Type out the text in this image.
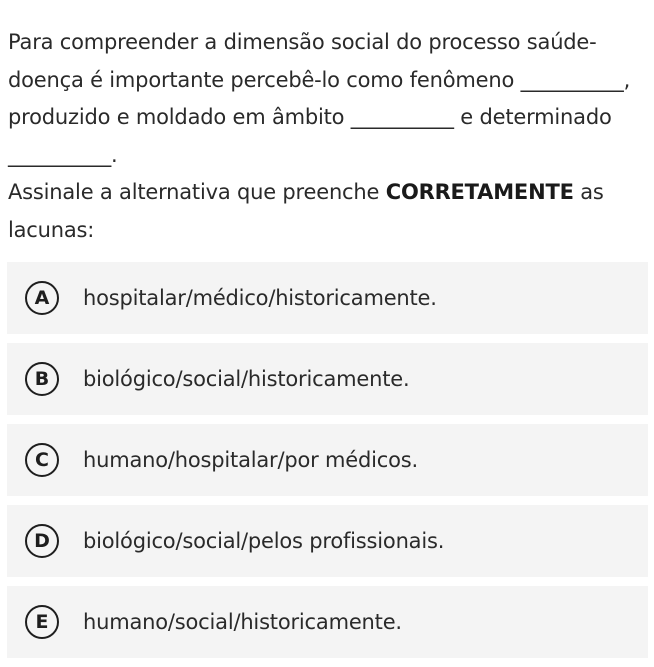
Para compreender a dimensão social do processo saúde-doença é importante percebê-lo como fenômeno __________, produzido e moldado em âmbito __________ e determinado __________.

Assinale a alternativa que preenche CORRETAMENTE as lacunas:

A	hospitalar/médico/historicamente.
B	biológico/social/historicamente.
C	humano/hospitalar/por médicos.
D	biológico/social/pelos profissionais.
E	humano/social/historicamente.
